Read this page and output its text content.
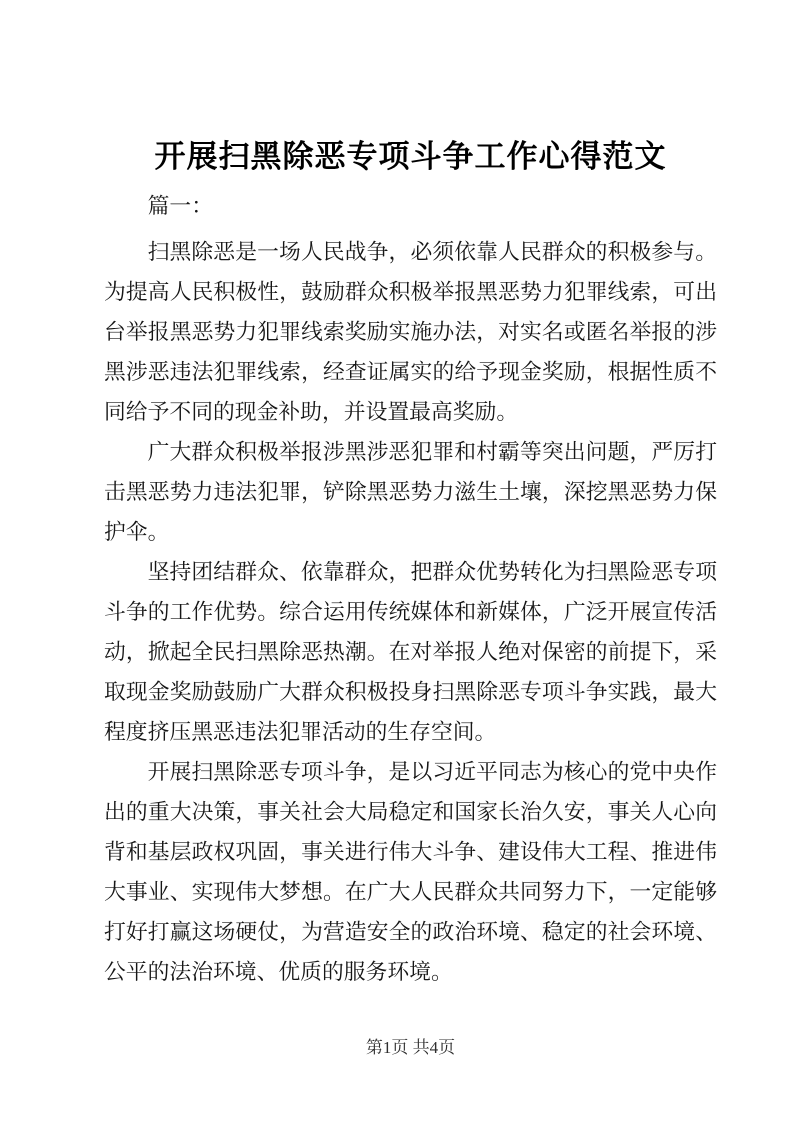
开展扫黑除恶专项斗争工作心得范文
篇一：

扫黑除恶是一场人民战争，必须依靠人民群众的积极参与。为提高人民积极性，鼓励群众积极举报黑恶势力犯罪线索，可出台举报黑恶势力犯罪线索奖励实施办法，对实名或匿名举报的涉黑涉恶违法犯罪线索，经查证属实的给予现金奖励，根据性质不同给予不同的现金补助，并设置最高奖励。

广大群众积极举报涉黑涉恶犯罪和村霸等突出问题，严厉打击黑恶势力违法犯罪，铲除黑恶势力滋生土壤，深挖黑恶势力保护伞。

坚持团结群众、依靠群众，把群众优势转化为扫黑险恶专项斗争的工作优势。综合运用传统媒体和新媒体，广泛开展宣传活动，掀起全民扫黑除恶热潮。在对举报人绝对保密的前提下，采取现金奖励鼓励广大群众积极投身扫黑除恶专项斗争实践，最大程度挤压黑恶违法犯罪活动的生存空间。

开展扫黑除恶专项斗争，是以习近平同志为核心的党中央作出的重大决策，事关社会大局稳定和国家长治久安，事关人心向背和基层政权巩固，事关进行伟大斗争、建设伟大工程、推进伟大事业、实现伟大梦想。在广大人民群众共同努力下，一定能够打好打赢这场硬仗，为营造安全的政治环境、稳定的社会环境、公平的法治环境、优质的服务环境。

第1页 共4页
